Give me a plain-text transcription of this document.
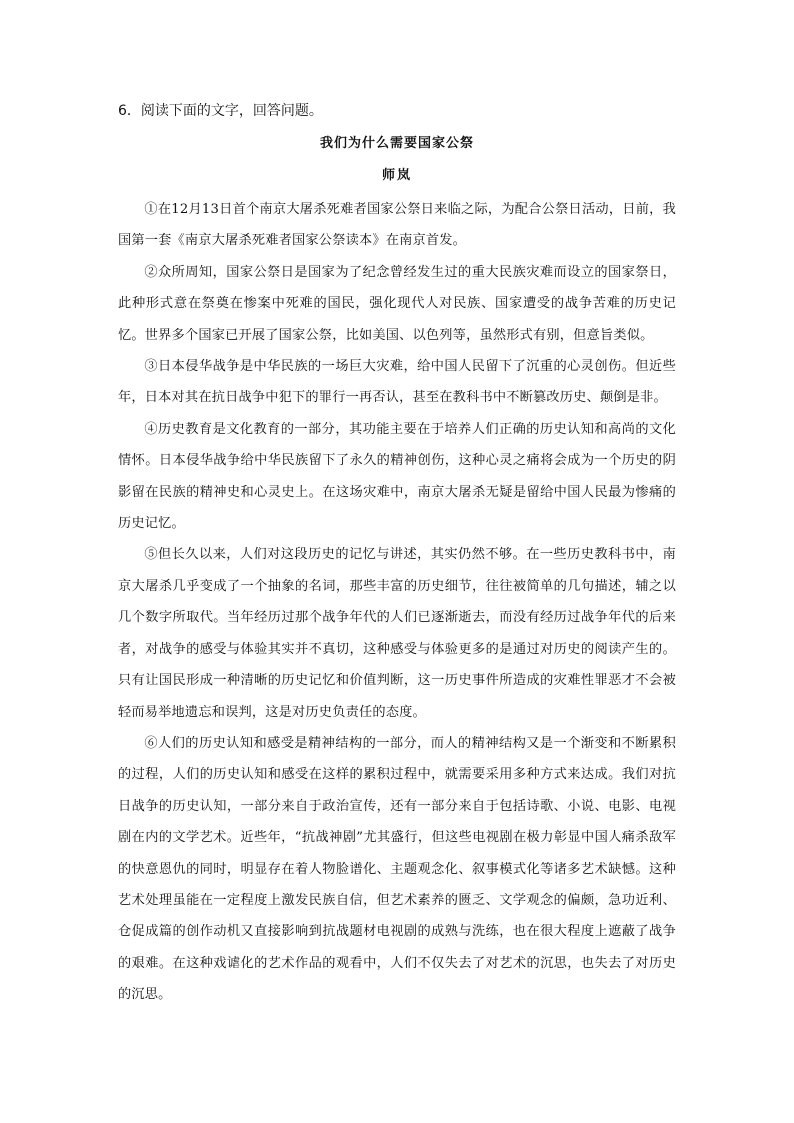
6．阅读下面的文字，回答问题。
我们为什么需要国家公祭
师岚

①在12月13日首个南京大屠杀死难者国家公祭日来临之际，为配合公祭日活动，日前，我国第一套《南京大屠杀死难者国家公祭读本》在南京首发。

②众所周知，国家公祭日是国家为了纪念曾经发生过的重大民族灾难而设立的国家祭日，此种形式意在祭奠在惨案中死难的国民，强化现代人对民族、国家遭受的战争苦难的历史记忆。世界多个国家已开展了国家公祭，比如美国、以色列等，虽然形式有别，但意旨类似。

③日本侵华战争是中华民族的一场巨大灾难，给中国人民留下了沉重的心灵创伤。但近些年，日本对其在抗日战争中犯下的罪行一再否认，甚至在教科书中不断篡改历史、颠倒是非。

④历史教育是文化教育的一部分，其功能主要在于培养人们正确的历史认知和高尚的文化情怀。日本侵华战争给中华民族留下了永久的精神创伤，这种心灵之痛将会成为一个历史的阴影留在民族的精神史和心灵史上。在这场灾难中，南京大屠杀无疑是留给中国人民最为惨痛的历史记忆。

⑤但长久以来，人们对这段历史的记忆与讲述，其实仍然不够。在一些历史教科书中，南京大屠杀几乎变成了一个抽象的名词，那些丰富的历史细节，往往被简单的几句描述，辅之以几个数字所取代。当年经历过那个战争年代的人们已逐渐逝去，而没有经历过战争年代的后来者，对战争的感受与体验其实并不真切，这种感受与体验更多的是通过对历史的阅读产生的。只有让国民形成一种清晰的历史记忆和价值判断，这一历史事件所造成的灾难性罪恶才不会被轻而易举地遗忘和误判，这是对历史负责任的态度。

⑥人们的历史认知和感受是精神结构的一部分，而人的精神结构又是一个渐变和不断累积的过程，人们的历史认知和感受在这样的累积过程中，就需要采用多种方式来达成。我们对抗日战争的历史认知，一部分来自于政治宣传，还有一部分来自于包括诗歌、小说、电影、电视剧在内的文学艺术。近些年，“抗战神剧”尤其盛行，但这些电视剧在极力彰显中国人痛杀敌军的快意恩仇的同时，明显存在着人物脸谱化、主题观念化、叙事模式化等诸多艺术缺憾。这种艺术处理虽能在一定程度上激发民族自信，但艺术素养的匮乏、文学观念的偏颇，急功近利、仓促成篇的创作动机又直接影响到抗战题材电视剧的成熟与洗练，也在很大程度上遮蔽了战争的艰难。在这种戏谑化的艺术作品的观看中，人们不仅失去了对艺术的沉思，也失去了对历史的沉思。
